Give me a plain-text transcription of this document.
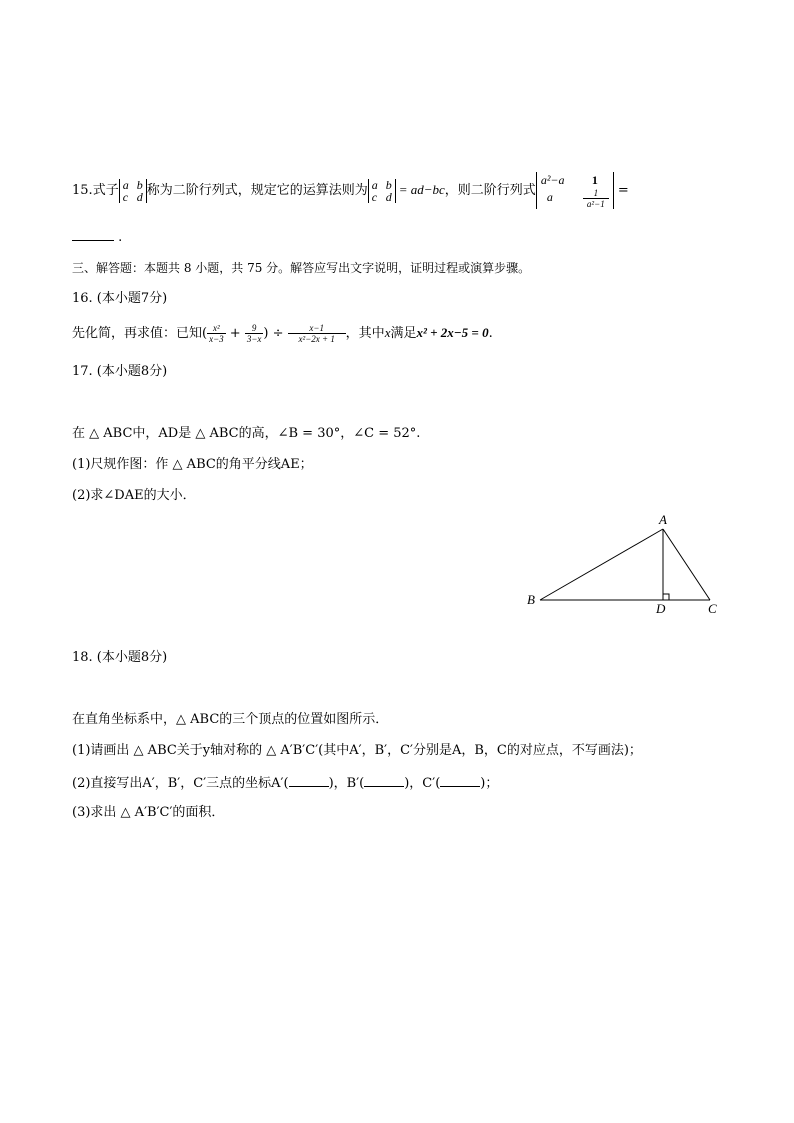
15.式子 a b
c d 称为二阶行列式，规定它的运算法则为 a b
c d = ad−bc，则二阶行列式
a²−a 1
a	$\frac{1}{\text{a²−1}}$ =
.
三、解答题：本题共 8 小题，共 75 分。解答应写出文字说明，证明过程或演算步骤。
16. (本小题7分)
先化简，再求值：已知( $\frac{\text{x²}}{x-3} + \frac{9}{3-x}$ ) ÷ $\frac{x-1}{\text{x²−2x + 1}}$ ，其中x满足x² + 2x−5 = 0.
17. (本小题8分)
在 △ ABC中，AD是 △ ABC的高，∠B = 30°，∠C = 52°.
(1)尺规作图：作 △ ABC的角平分线AE；
(2)求∠DAE的大小．
A
B
C
D
18. (本小题8分)
在直角坐标系中，△ ABC的三个顶点的位置如图所示．
(1)请画出 △ ABC关于y轴对称的 △ A′B′C′(其中A′，B′，C′分别是A，B，C的对应点，不写画法)；
(2)直接写出A′，B′，C′三点的坐标A′(	)，B′(	)，C′(	)；
(3)求出 △ A′B′C′的面积．
